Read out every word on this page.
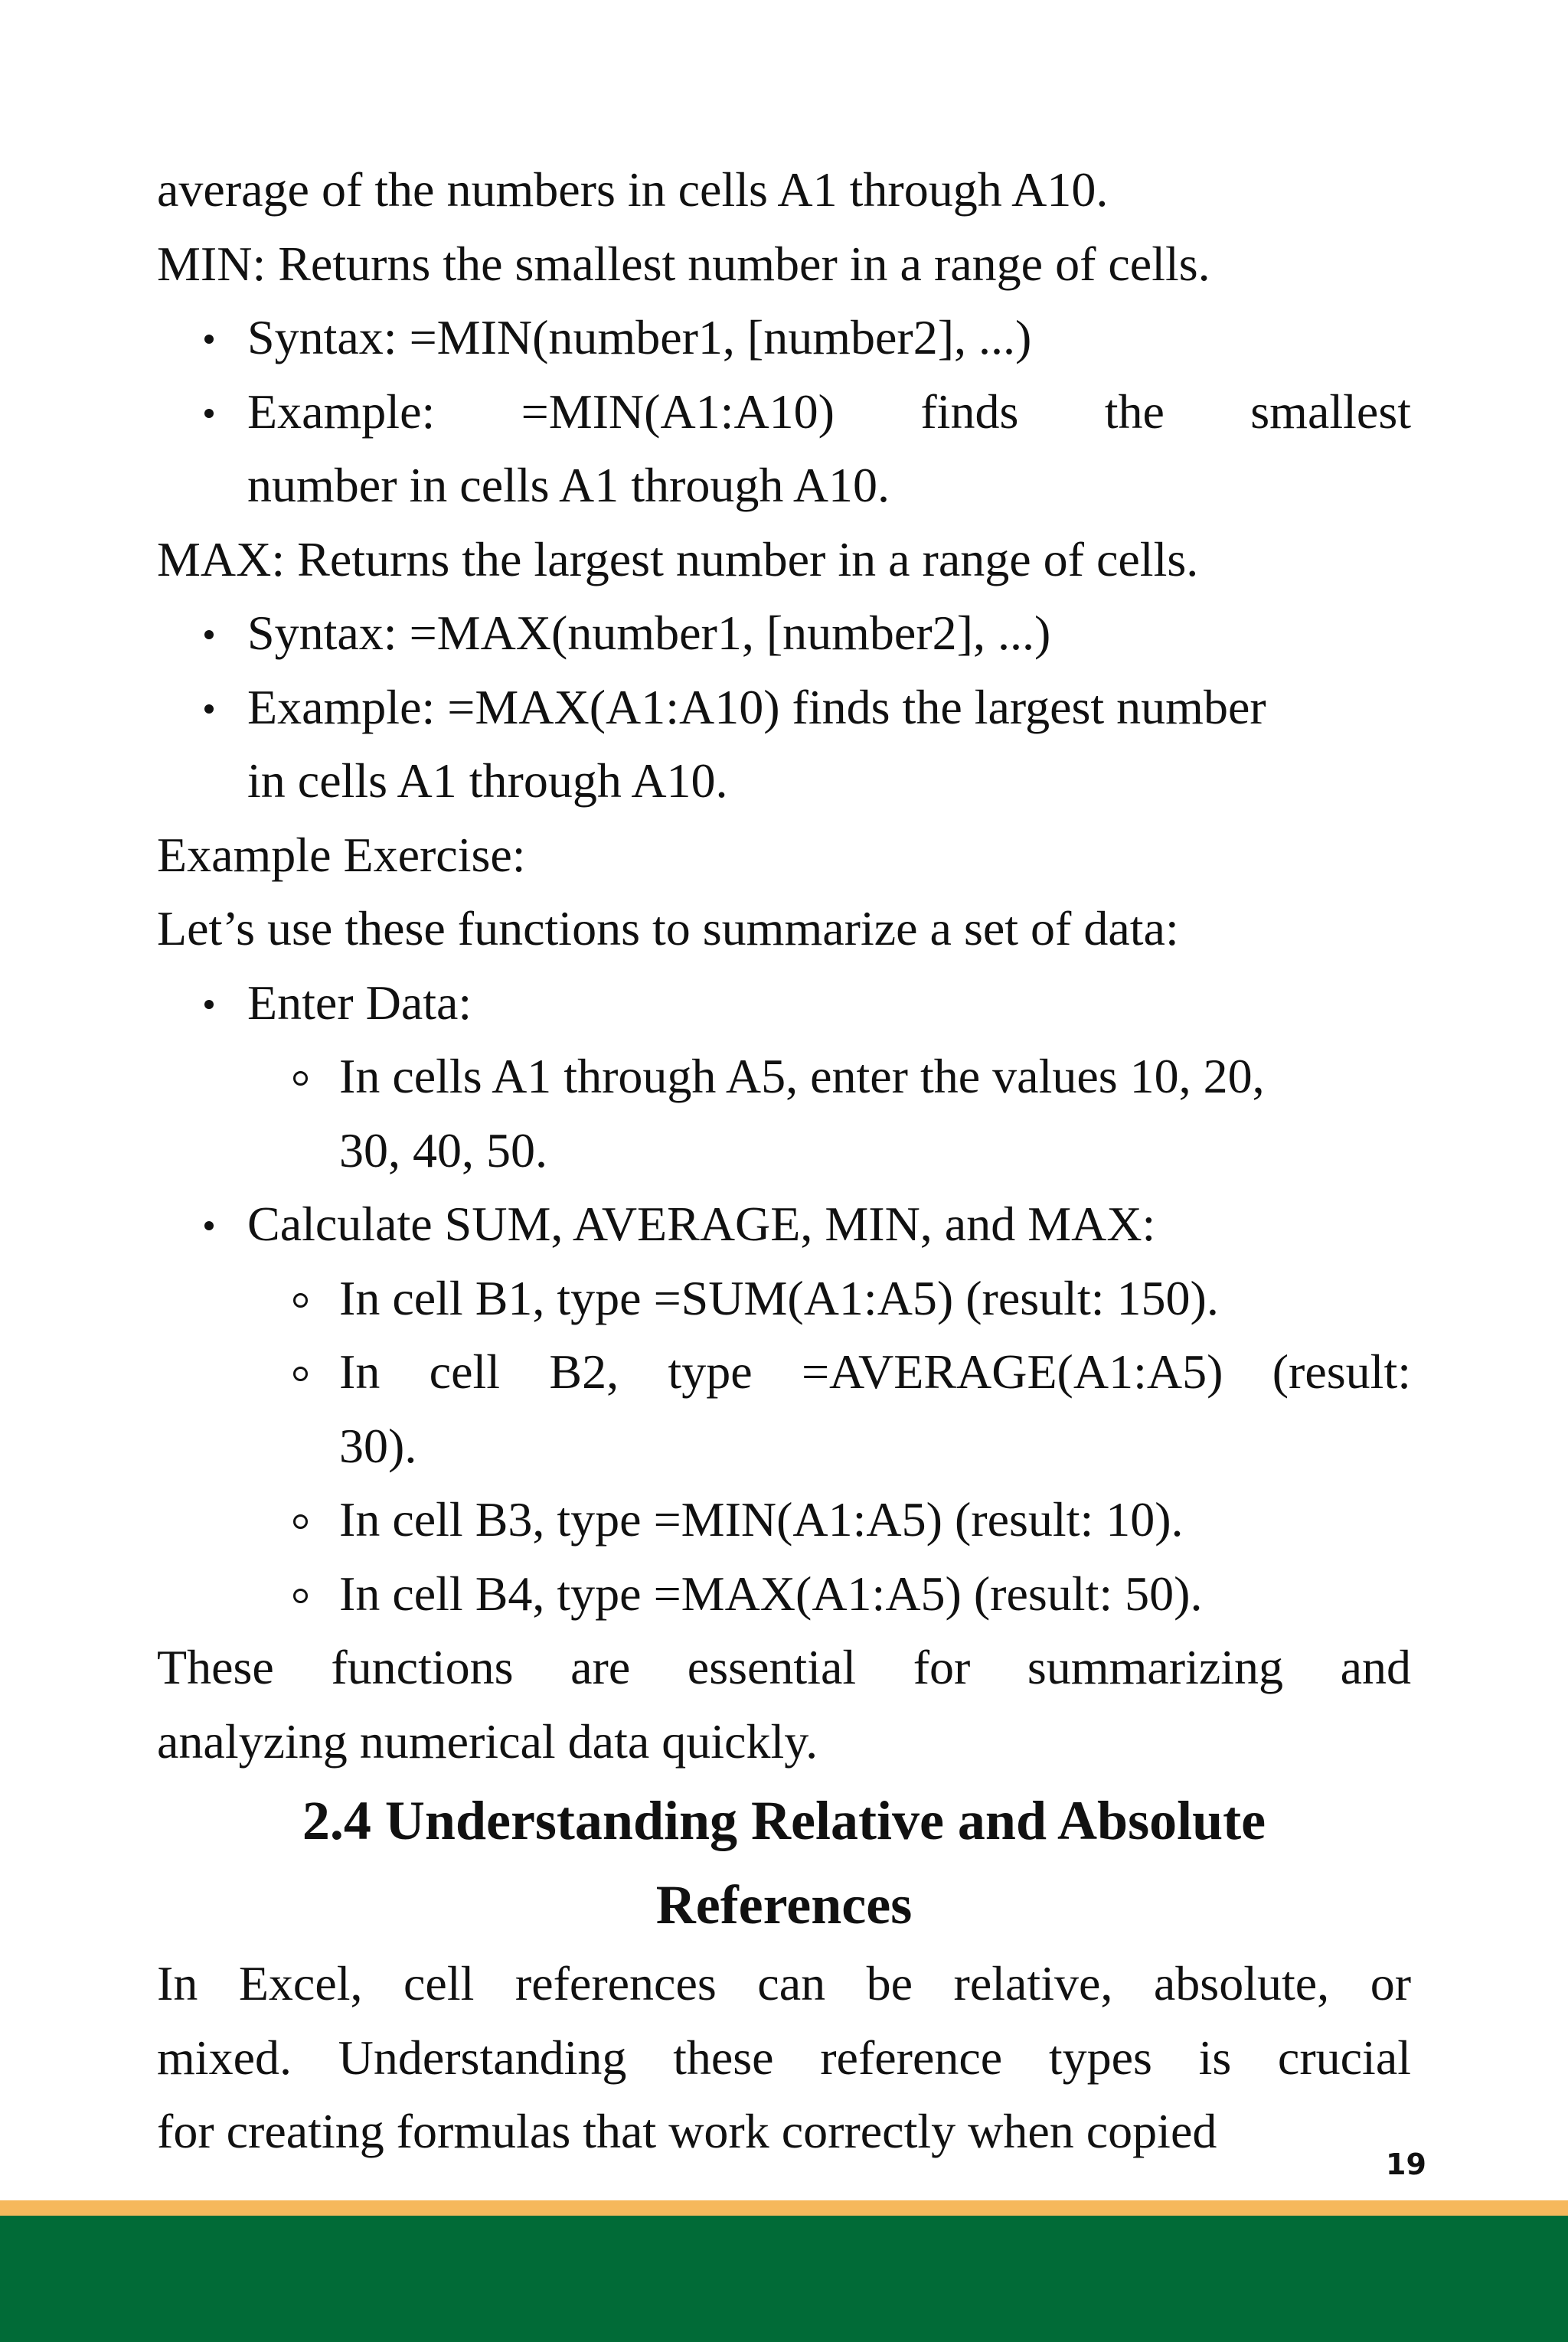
average of the numbers in cells A1 through A10.
MIN: Returns the smallest number in a range of cells.
Syntax: =MIN(number1, [number2], ...)
Example: =MIN(A1:A10) finds the smallest
number in cells A1 through A10.
MAX: Returns the largest number in a range of cells.
Syntax: =MAX(number1, [number2], ...)
Example: =MAX(A1:A10) finds the largest number
in cells A1 through A10.
Example Exercise:
Let’s use these functions to summarize a set of data:
Enter Data:
In cells A1 through A5, enter the values 10, 20,
30, 40, 50.
Calculate SUM, AVERAGE, MIN, and MAX:
In cell B1, type =SUM(A1:A5) (result: 150).
In cell B2, type =AVERAGE(A1:A5) (result:
30).
In cell B3, type =MIN(A1:A5) (result: 10).
In cell B4, type =MAX(A1:A5) (result: 50).
These functions are essential for summarizing and
analyzing numerical data quickly.
2.4 Understanding Relative and Absolute
References
In Excel, cell references can be relative, absolute, or
mixed. Understanding these reference types is crucial
for creating formulas that work correctly when copied
19
